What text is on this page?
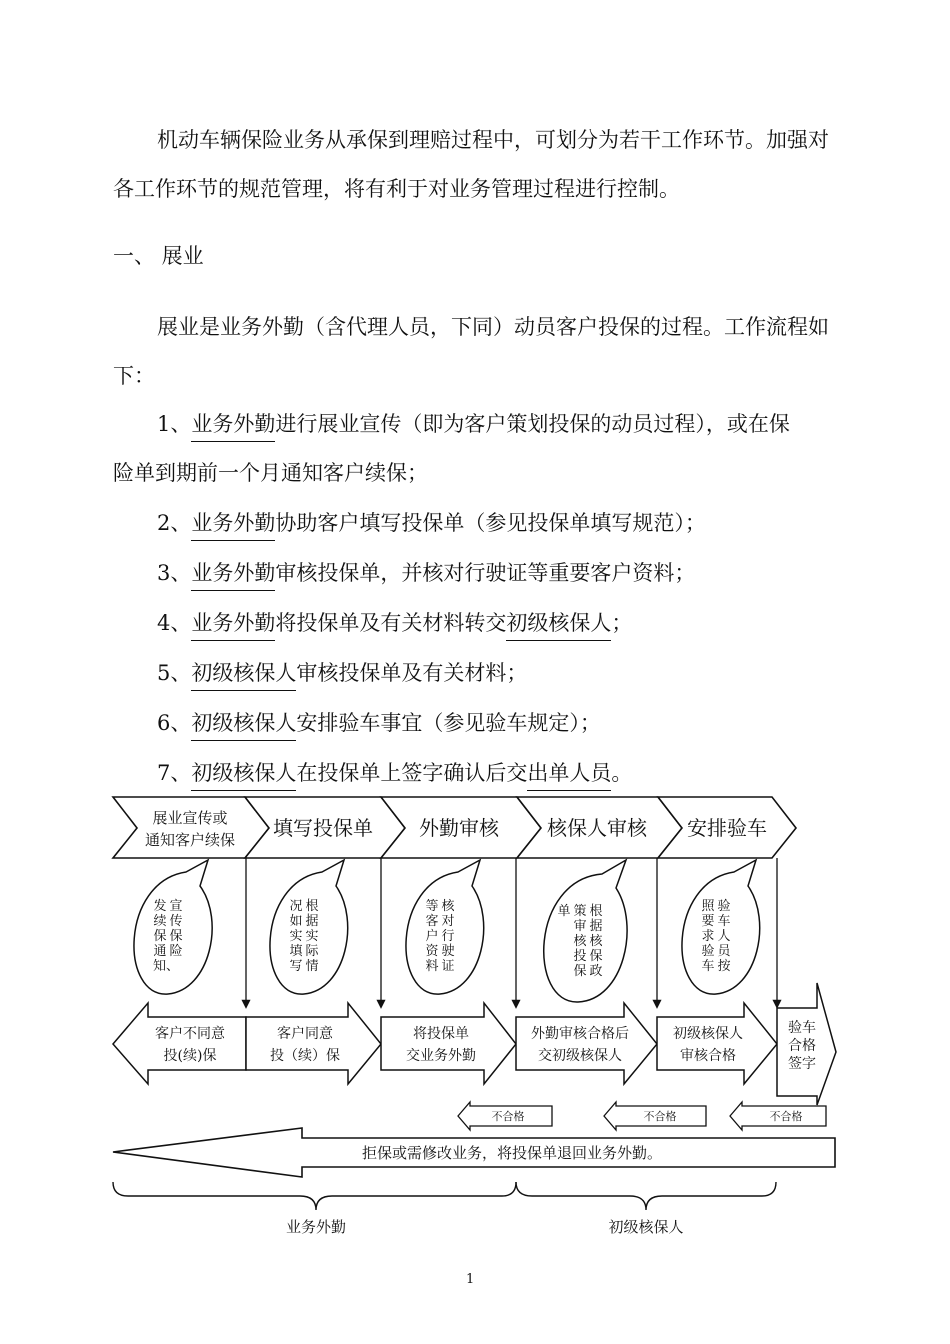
机动车辆保险业务从承保到理赔过程中，可划分为若干工作环节。加强对各工作环节的规范管理，将有利于对业务管理过程进行控制。

一、 展业

展业是业务外勤（含代理人员，下同）动员客户投保的过程。工作流程如下：

1、业务外勤进行展业宣传（即为客户策划投保的动员过程），或在保
险单到期前一个月通知客户续保；
2、业务外勤协助客户填写投保单（参见投保单填写规范）；
3、业务外勤审核投保单，并核对行驶证等重要客户资料；
4、业务外勤将投保单及有关材料转交初级核保人；
5、初级核保人审核投保单及有关材料；
6、初级核保人安排验车事宜（参见验车规定）；
7、初级核保人在投保单上签字确认后交出单人员。
展业宣传或
通知客户续保 填写投保单 外勤审核 核保人审核 安排验车
客户不同意
投(续)保
客户同意
投（续）保
将投保单
交业务外勤
外勤审核合格后
交初级核保人
初级核保人
审核合格
验车
合格
签字
不合格	不合格	不合格
拒保或需修改业务，将投保单退回业务外勤。
业务外勤	初级核保人
宣传保险
发续保通知、
根据实际情
况如实填写
核对行驶证
等客户资料
根据核保政
策审核投保
单	验车人员按
照要求验车
1
